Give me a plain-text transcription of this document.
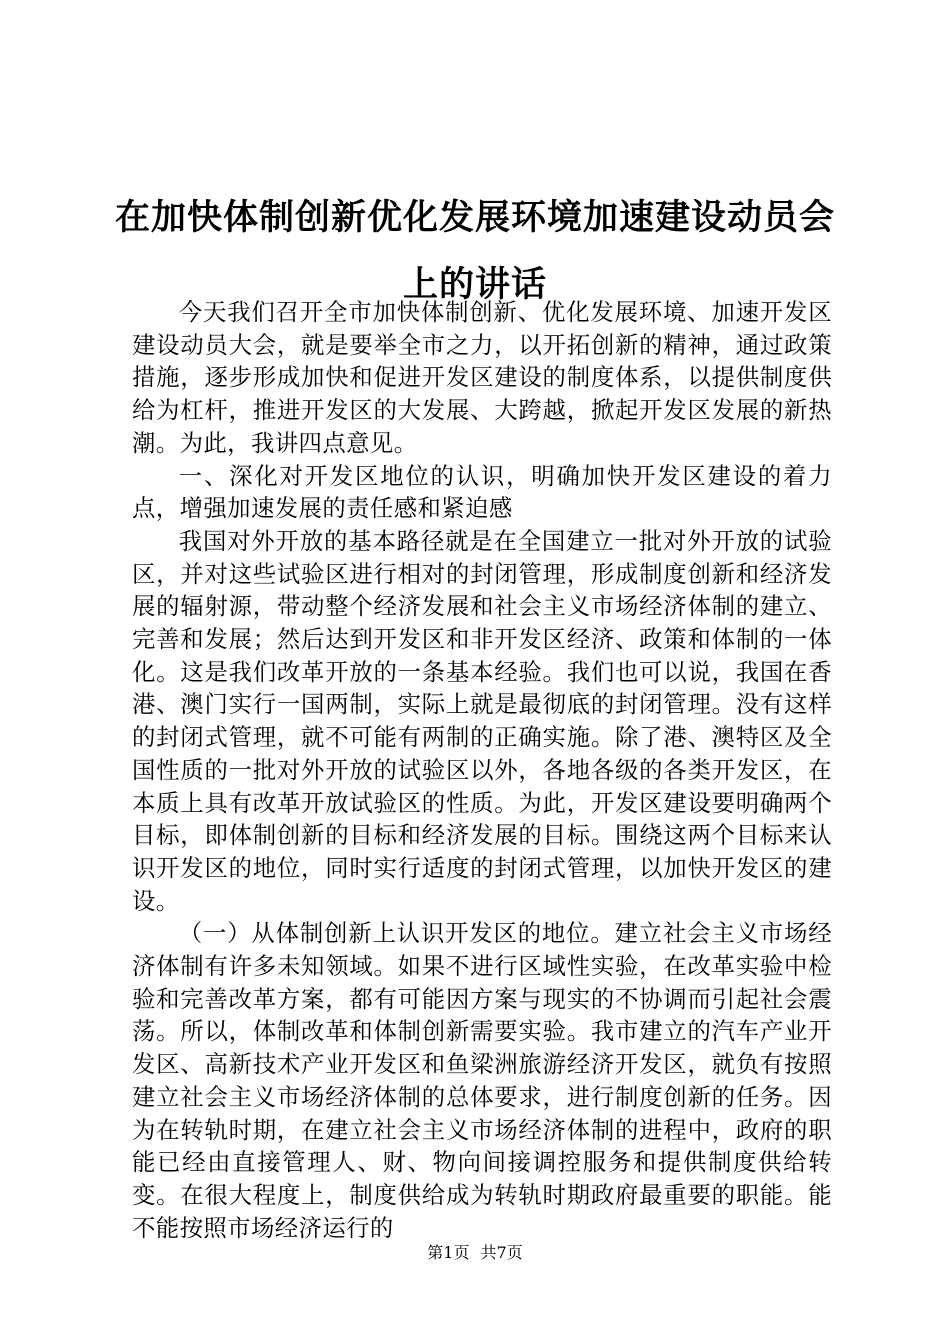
在加快体制创新优化发展环境加速建设动员会上的讲话

今天我们召开全市加快体制创新、优化发展环境、加速开发区建设动员大会，就是要举全市之力，以开拓创新的精神，通过政策措施，逐步形成加快和促进开发区建设的制度体系，以提供制度供给为杠杆，推进开发区的大发展、大跨越，掀起开发区发展的新热潮。为此，我讲四点意见。

一、深化对开发区地位的认识，明确加快开发区建设的着力点，增强加速发展的责任感和紧迫感

我国对外开放的基本路径就是在全国建立一批对外开放的试验区，并对这些试验区进行相对的封闭管理，形成制度创新和经济发展的辐射源，带动整个经济发展和社会主义市场经济体制的建立、完善和发展；然后达到开发区和非开发区经济、政策和体制的一体化。这是我们改革开放的一条基本经验。我们也可以说，我国在香港、澳门实行一国两制，实际上就是最彻底的封闭管理。没有这样的封闭式管理，就不可能有两制的正确实施。除了港、澳特区及全国性质的一批对外开放的试验区以外，各地各级的各类开发区，在本质上具有改革开放试验区的性质。为此，开发区建设要明确两个目标，即体制创新的目标和经济发展的目标。围绕这两个目标来认识开发区的地位，同时实行适度的封闭式管理，以加快开发区的建设。

（一）从体制创新上认识开发区的地位。建立社会主义市场经济体制有许多未知领域。如果不进行区域性实验，在改革实验中检验和完善改革方案，都有可能因方案与现实的不协调而引起社会震荡。所以，体制改革和体制创新需要实验。我市建立的汽车产业开发区、高新技术产业开发区和鱼梁洲旅游经济开发区，就负有按照建立社会主义市场经济体制的总体要求，进行制度创新的任务。因为在转轨时期，在建立社会主义市场经济体制的进程中，政府的职能已经由直接管理人、财、物向间接调控服务和提供制度供给转变。在很大程度上，制度供给成为转轨时期政府最重要的职能。能不能按照市场经济运行的

第1页 共7页
